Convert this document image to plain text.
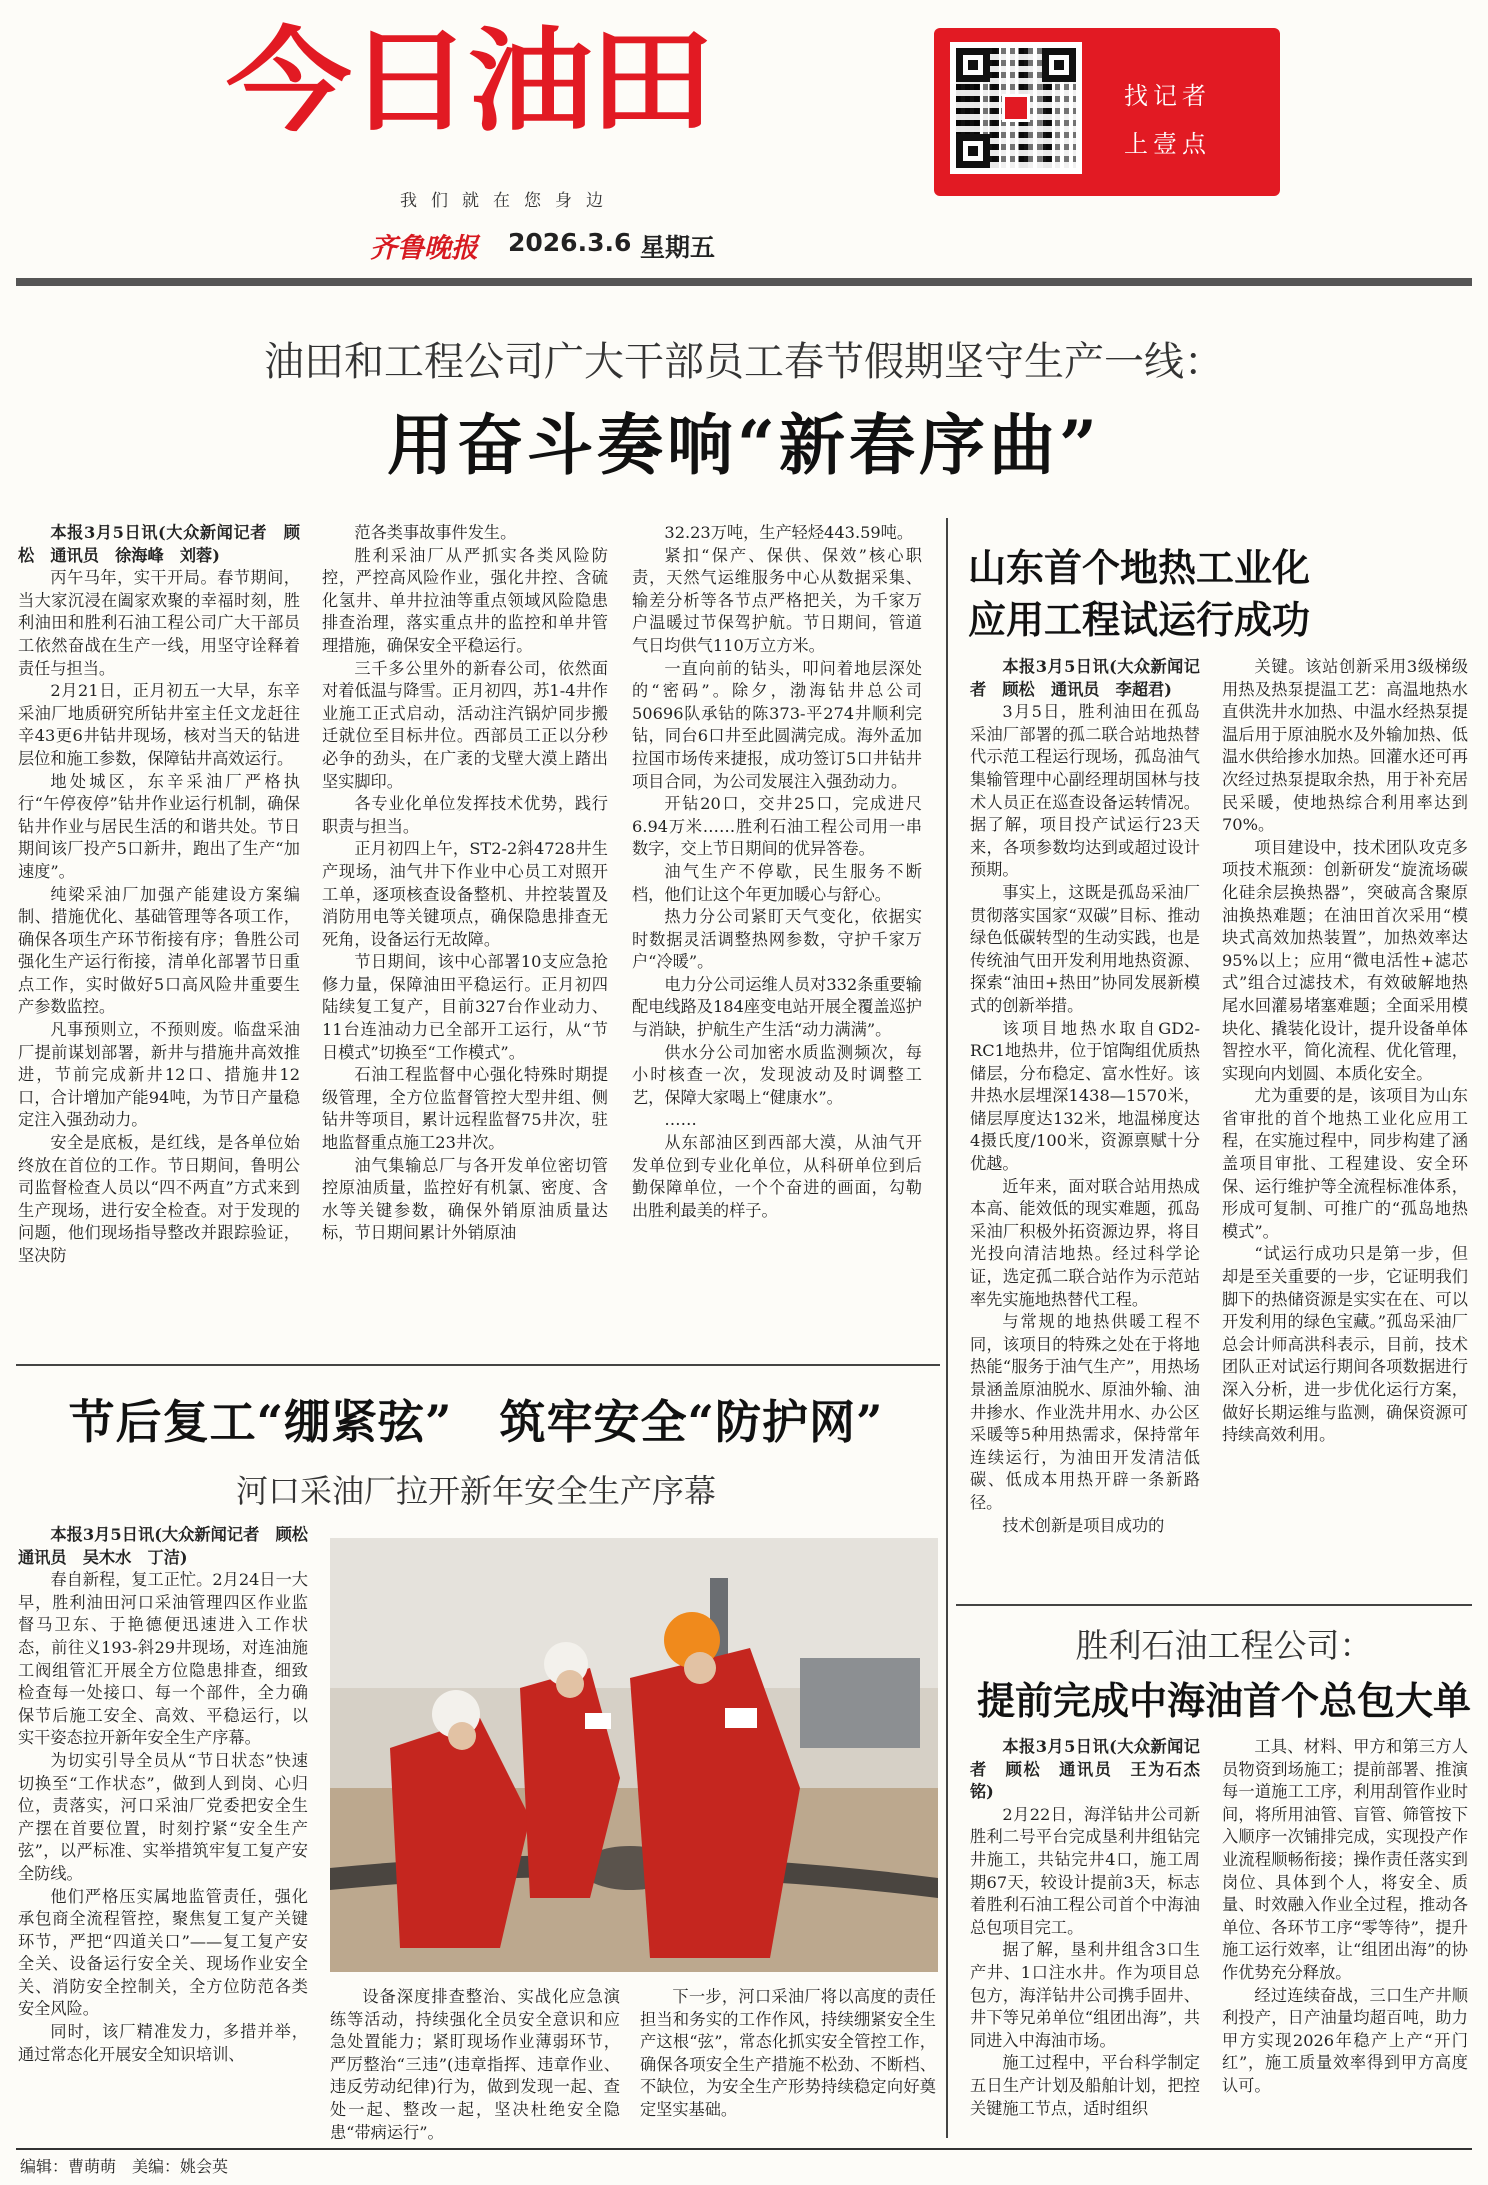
今日油田
我们就在您身边
齐鲁晚报 2026.3.6 星期五
找记者
上壹点
油田和工程公司广大干部员工春节假期坚守生产一线：
用奋斗奏响“新春序曲”

本报3月5日讯(大众新闻记者　顾松　通讯员　徐海峰　刘蓉)

丙午马年，实干开局。春节期间，当大家沉浸在阖家欢聚的幸福时刻，胜利油田和胜利石油工程公司广大干部员工依然奋战在生产一线，用坚守诠释着责任与担当。

2月21日，正月初五一大早，东辛采油厂地质研究所钻井室主任文龙赶往辛43更6井钻井现场，核对当天的钻进层位和施工参数，保障钻井高效运行。

地处城区，东辛采油厂严格执行“午停夜停”钻井作业运行机制，确保钻井作业与居民生活的和谐共处。节日期间该厂投产5口新井，跑出了生产“加速度”。

纯梁采油厂加强产能建设方案编制、措施优化、基础管理等各项工作，确保各项生产环节衔接有序；鲁胜公司强化生产运行衔接，清单化部署节日重点工作，实时做好5口高风险井重要生产参数监控。

凡事预则立，不预则废。临盘采油厂提前谋划部署，新井与措施井高效推进，节前完成新井12口、措施井12口，合计增加产能94吨，为节日产量稳定注入强劲动力。

安全是底板，是红线，是各单位始终放在首位的工作。节日期间，鲁明公司监督检查人员以“四不两直”方式来到生产现场，进行安全检查。对于发现的问题，他们现场指导整改并跟踪验证，坚决防

范各类事故事件发生。

胜利采油厂从严抓实各类风险防控，严控高风险作业，强化井控、含硫化氢井、单井拉油等重点领域风险隐患排查治理，落实重点井的监控和单井管理措施，确保安全平稳运行。

三千多公里外的新春公司，依然面对着低温与降雪。正月初四，苏1-4井作业施工正式启动，活动注汽锅炉同步搬迁就位至目标井位。西部员工正以分秒必争的劲头，在广袤的戈壁大漠上踏出坚实脚印。

各专业化单位发挥技术优势，践行职责与担当。

正月初四上午，ST2-2斜4728井生产现场，油气井下作业中心员工对照开工单，逐项核查设备整机、井控装置及消防用电等关键项点，确保隐患排查无死角，设备运行无故障。

节日期间，该中心部署10支应急抢修力量，保障油田平稳运行。正月初四陆续复工复产，目前327台作业动力、11台连油动力已全部开工运行，从“节日模式”切换至“工作模式”。

石油工程监督中心强化特殊时期提级管理，全方位监督管控大型井组、侧钻井等项目，累计远程监督75井次，驻地监督重点施工23井次。

油气集输总厂与各开发单位密切管控原油质量，监控好有机氯、密度、含水等关键参数，确保外销原油质量达标，节日期间累计外销原油

32.23万吨，生产轻烃443.59吨。

紧扣“保产、保供、保效”核心职责，天然气运维服务中心从数据采集、输差分析等各节点严格把关，为千家万户温暖过节保驾护航。节日期间，管道气日均供气110万立方米。

一直向前的钻头，叩问着地层深处的“密码”。除夕，渤海钻井总公司50696队承钻的陈373-平274井顺利完钻，同台6口井至此圆满完成。海外孟加拉国市场传来捷报，成功签订5口井钻井项目合同，为公司发展注入强劲动力。

开钻20口，交井25口，完成进尺6.94万米……胜利石油工程公司用一串数字，交上节日期间的优异答卷。

油气生产不停歇，民生服务不断档，他们让这个年更加暖心与舒心。

热力分公司紧盯天气变化，依据实时数据灵活调整热网参数，守护千家万户“冷暖”。

电力分公司运维人员对332条重要输配电线路及184座变电站开展全覆盖巡护与消缺，护航生产生活“动力满满”。

供水分公司加密水质监测频次，每小时核查一次，发现波动及时调整工艺，保障大家喝上“健康水”。

……

从东部油区到西部大漠，从油气开发单位到专业化单位，从科研单位到后勤保障单位，一个个奋进的画面，勾勒出胜利最美的样子。

山东首个地热工业化
应用工程试运行成功

本报3月5日讯(大众新闻记者　顾松　通讯员　李超君)

3月5日，胜利油田在孤岛采油厂部署的孤二联合站地热替代示范工程运行现场，孤岛油气集输管理中心副经理胡国林与技术人员正在巡查设备运转情况。据了解，项目投产试运行23天来，各项参数均达到或超过设计预期。

事实上，这既是孤岛采油厂贯彻落实国家“双碳”目标、推动绿色低碳转型的生动实践，也是传统油气田开发利用地热资源、探索“油田+热田”协同发展新模式的创新举措。

该项目地热水取自GD2-RC1地热井，位于馆陶组优质热储层，分布稳定、富水性好。该井热水层埋深1438—1570米，储层厚度达132米，地温梯度达4摄氏度/100米，资源禀赋十分优越。

近年来，面对联合站用热成本高、能效低的现实难题，孤岛采油厂积极外拓资源边界，将目光投向清洁地热。经过科学论证，选定孤二联合站作为示范站率先实施地热替代工程。

与常规的地热供暖工程不同，该项目的特殊之处在于将地热能“服务于油气生产”，用热场景涵盖原油脱水、原油外输、油井掺水、作业洗井用水、办公区采暖等5种用热需求，保持常年连续运行，为油田开发清洁低碳、低成本用热开辟一条新路径。

技术创新是项目成功的

关键。该站创新采用3级梯级用热及热泵提温工艺：高温地热水直供洗井水加热、中温水经热泵提温后用于原油脱水及外输加热、低温水供给掺水加热。回灌水还可再次经过热泵提取余热，用于补充居民采暖，使地热综合利用率达到70%。

项目建设中，技术团队攻克多项技术瓶颈：创新研发“旋流场碳化硅余层换热器”，突破高含聚原油换热难题；在油田首次采用“模块式高效加热装置”，加热效率达95%以上；应用“微电活性+滤芯式”组合过滤技术，有效破解地热尾水回灌易堵塞难题；全面采用模块化、撬装化设计，提升设备单体智控水平，简化流程、优化管理，实现向内划圆、本质化安全。

尤为重要的是，该项目为山东省审批的首个地热工业化应用工程，在实施过程中，同步构建了涵盖项目审批、工程建设、安全环保、运行维护等全流程标准体系，形成可复制、可推广的“孤岛地热模式”。

“试运行成功只是第一步，但却是至关重要的一步，它证明我们脚下的热储资源是实实在在、可以开发利用的绿色宝藏。”孤岛采油厂总会计师高洪科表示，目前，技术团队正对试运行期间各项数据进行深入分析，进一步优化运行方案，做好长期运维与监测，确保资源可持续高效利用。

节后复工“绷紧弦”　筑牢安全“防护网”
河口采油厂拉开新年安全生产序幕

本报3月5日讯(大众新闻记者　顾松　通讯员　吴木水　丁洁)

春自新程，复工正忙。2月24日一大早，胜利油田河口采油管理四区作业监督马卫东、于艳德便迅速进入工作状态，前往义193-斜29井现场，对连油施工阀组管汇开展全方位隐患排查，细致检查每一处接口、每一个部件，全力确保节后施工安全、高效、平稳运行，以实干姿态拉开新年安全生产序幕。

为切实引导全员从“节日状态”快速切换至“工作状态”，做到人到岗、心归位，责落实，河口采油厂党委把安全生产摆在首要位置，时刻拧紧“安全生产弦”，以严标准、实举措筑牢复工复产安全防线。

他们严格压实属地监管责任，强化承包商全流程管控，聚焦复工复产关键环节，严把“四道关口”——复工复产安全关、设备运行安全关、现场作业安全关、消防安全控制关，全方位防范各类安全风险。

同时，该厂精准发力，多措并举，通过常态化开展安全知识培训、

设备深度排查整治、实战化应急演练等活动，持续强化全员安全意识和应急处置能力；紧盯现场作业薄弱环节，严厉整治“三违”(违章指挥、违章作业、违反劳动纪律)行为，做到发现一起、查处一起、整改一起，坚决杜绝安全隐患“带病运行”。

下一步，河口采油厂将以高度的责任担当和务实的工作作风，持续绷紧安全生产这根“弦”，常态化抓实安全管控工作，确保各项安全生产措施不松劲、不断档、不缺位，为安全生产形势持续稳定向好奠定坚实基础。

胜利石油工程公司：
提前完成中海油首个总包大单

本报3月5日讯(大众新闻记者　顾松　通讯员　王为石杰铭)

2月22日，海洋钻井公司新胜利二号平台完成垦利井组钻完井施工，共钻完井4口，施工周期67天，较设计提前3天，标志着胜利石油工程公司首个中海油总包项目完工。

据了解，垦利井组含3口生产井、1口注水井。作为项目总包方，海洋钻井公司携手固井、井下等兄弟单位“组团出海”，共同进入中海油市场。

施工过程中，平台科学制定五日生产计划及船舶计划，把控关键施工节点，适时组织

工具、材料、甲方和第三方人员物资到场施工；提前部署、推演每一道施工工序，利用刮管作业时间，将所用油管、盲管、筛管按下入顺序一次铺排完成，实现投产作业流程顺畅衔接；操作责任落实到岗位、具体到个人，将安全、质量、时效融入作业全过程，推动各单位、各环节工序“零等待”，提升施工运行效率，让“组团出海”的协作优势充分释放。

经过连续奋战，三口生产井顺利投产，日产油量均超百吨，助力甲方实现2026年稳产上产“开门红”，施工质量效率得到甲方高度认可。

编辑：曹萌萌　美编：姚会英
